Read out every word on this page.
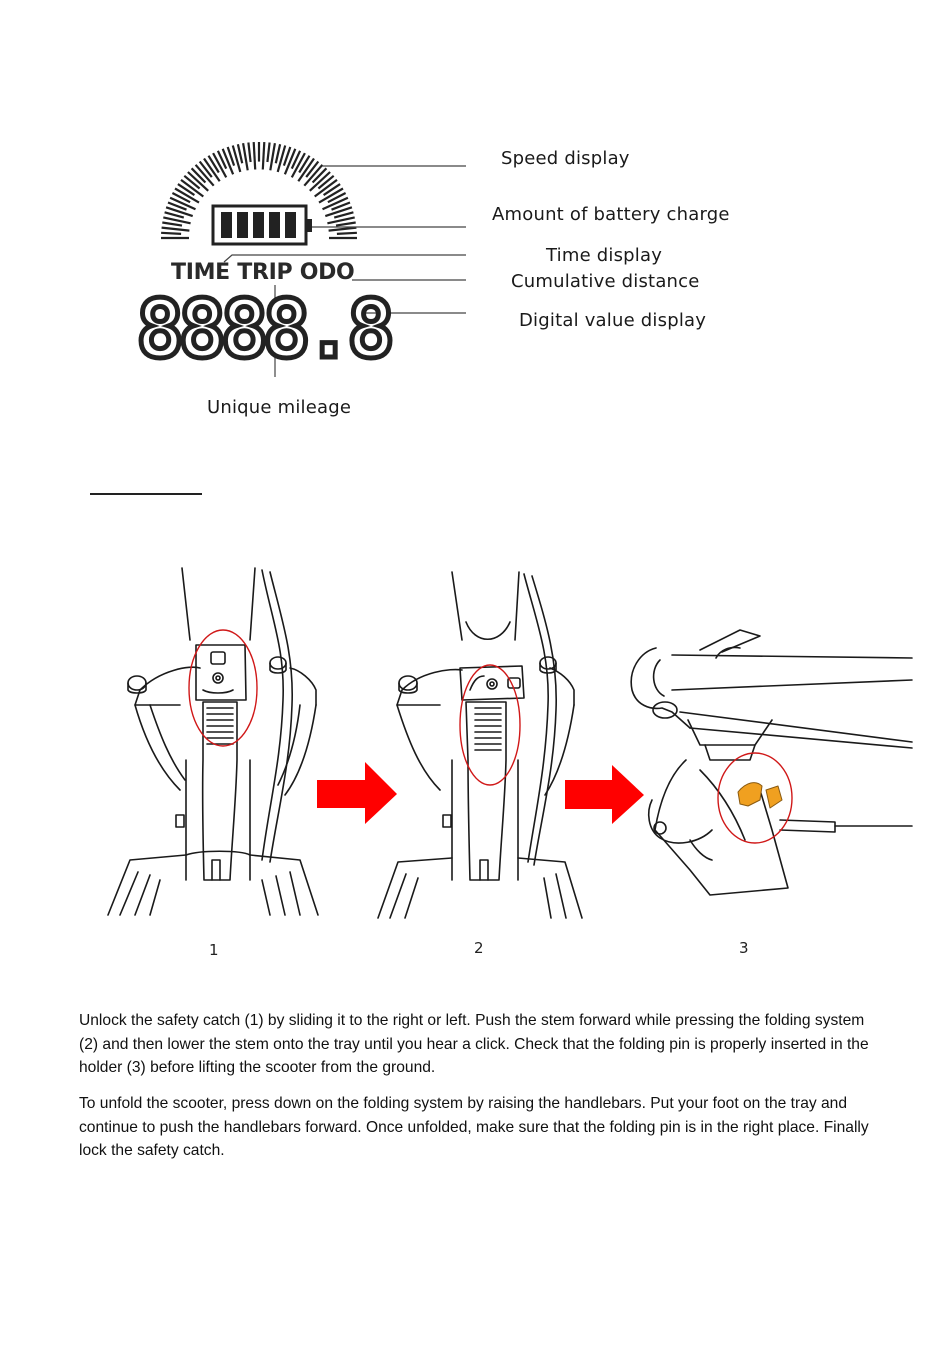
TIME TRIP ODO
8888.8
Speed display
Amount of battery charge
Time display
Cumulative distance
Digital value display
Unique mileage
1	2	3

Unlock the safety catch (1) by sliding it to the right or left. Push the stem forward while pressing the folding system (2) and then lower the stem onto the tray until you hear a click. Check that the folding pin is properly inserted in the holder (3) before lifting the scooter from the ground.

To unfold the scooter, press down on the folding system by raising the handlebars. Put your foot on the tray and continue to push the handlebars forward. Once unfolded, make sure that the folding pin is in the right place. Finally lock the safety catch.
